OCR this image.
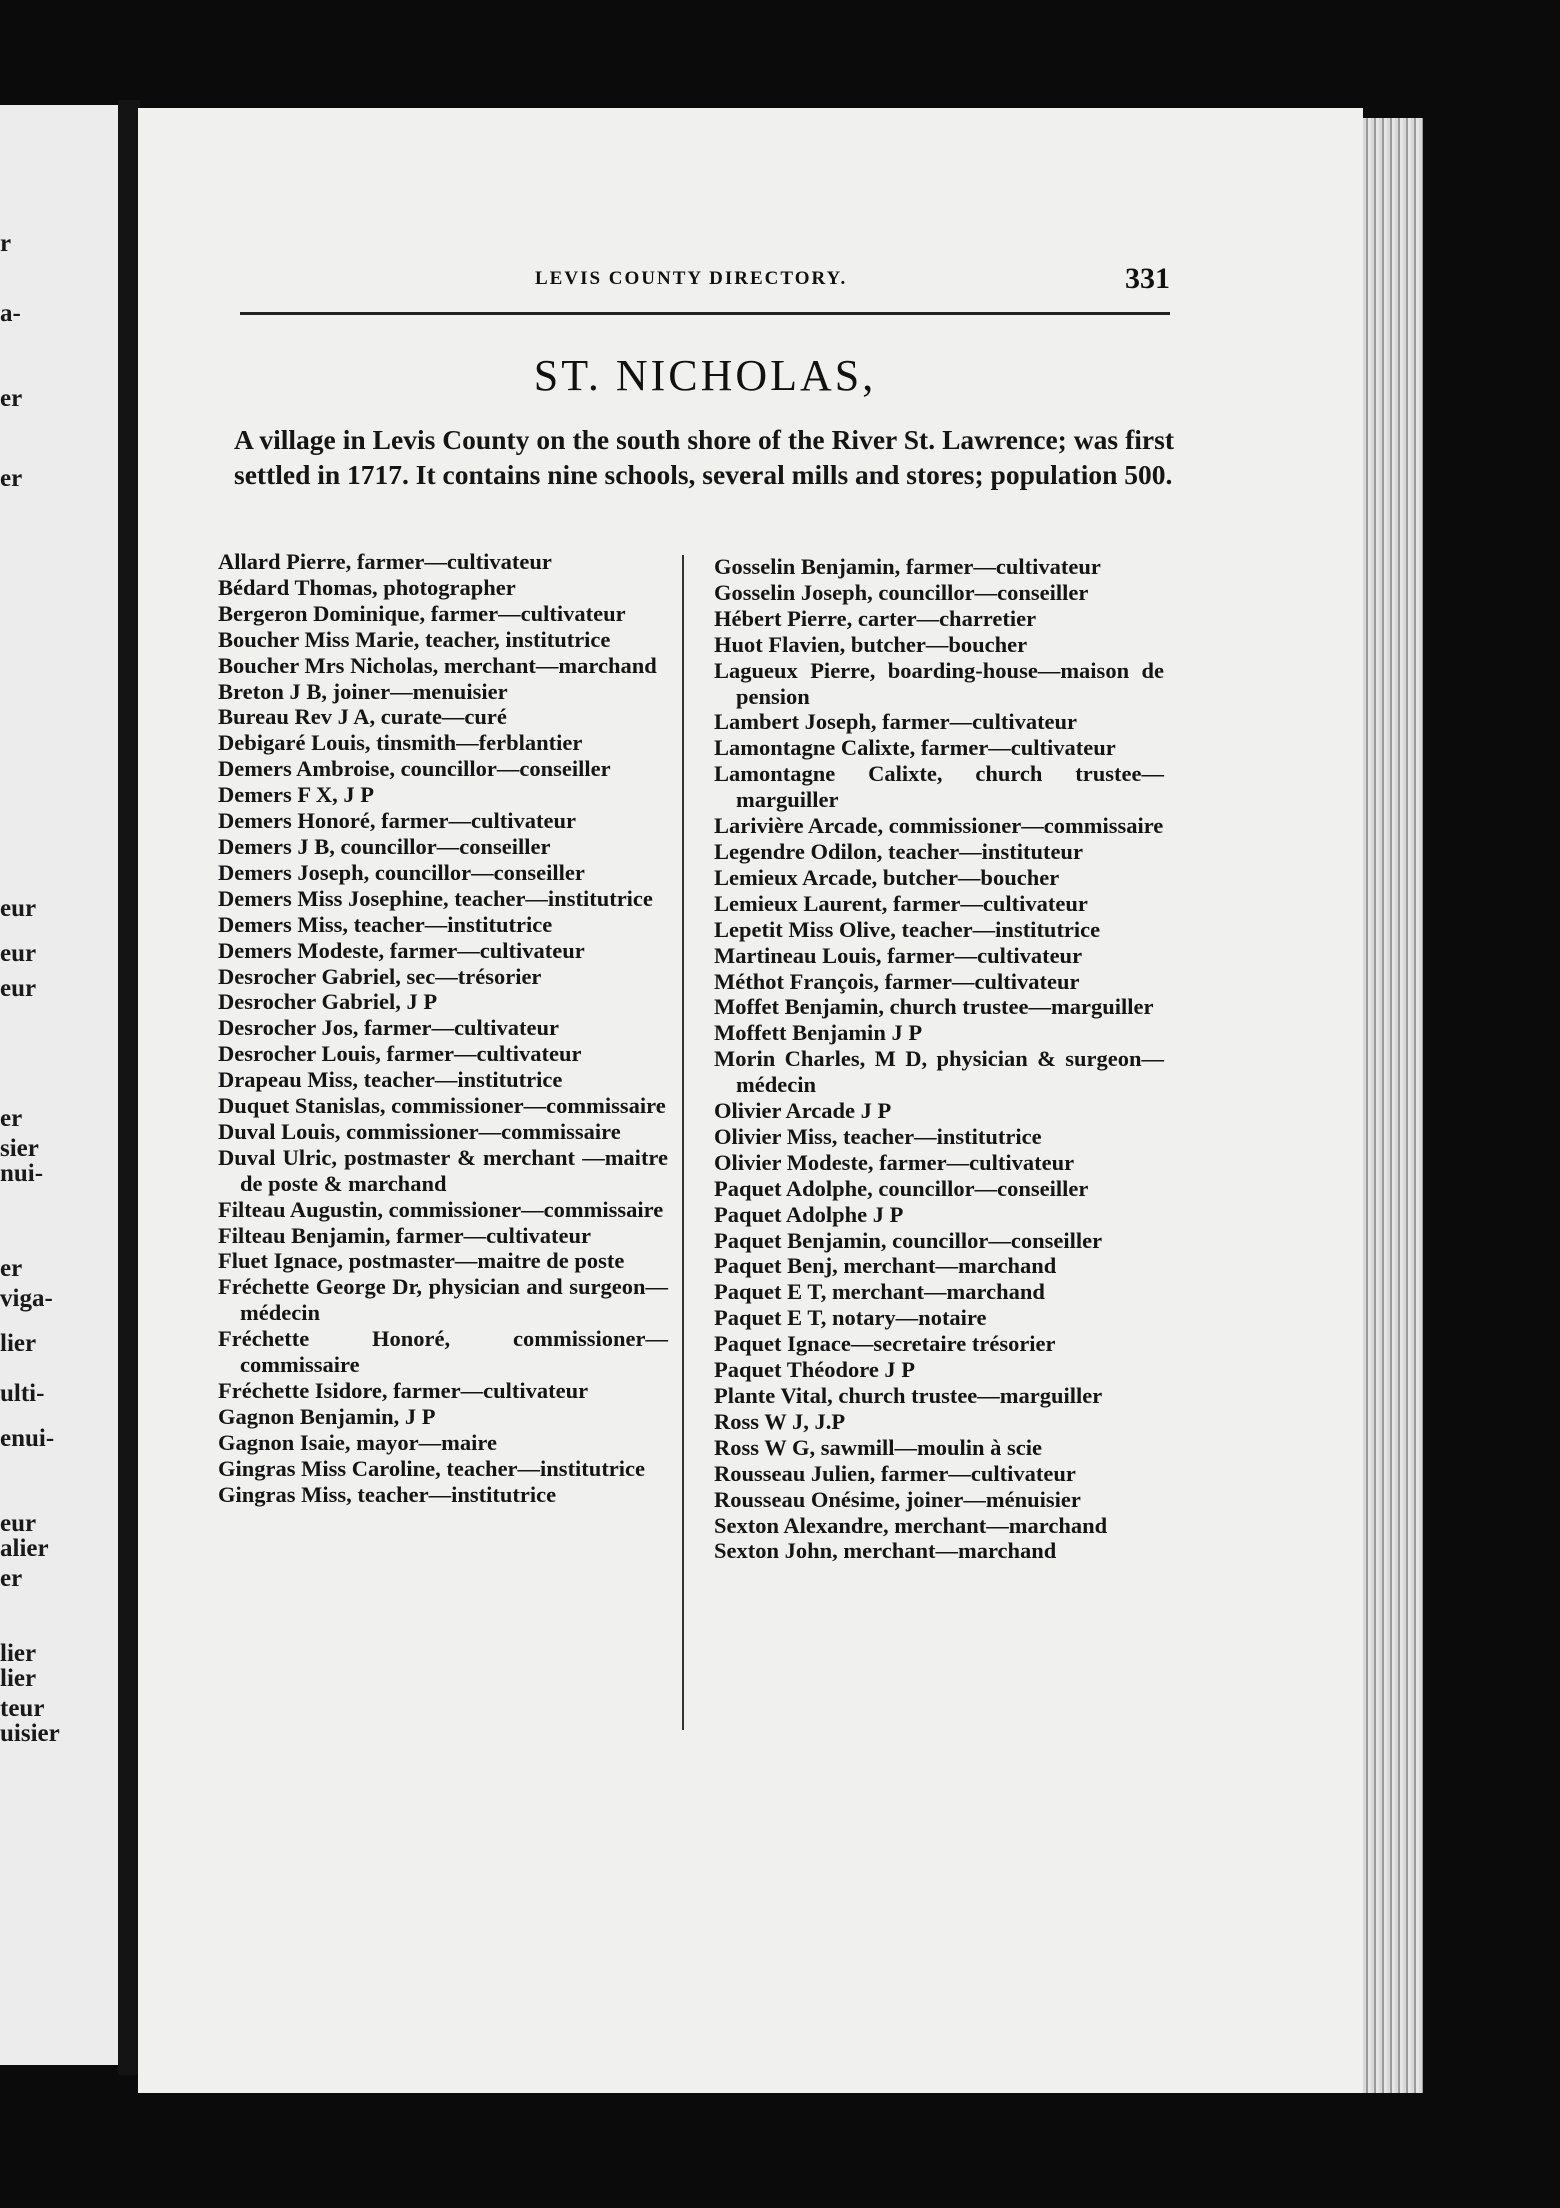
r
a-
er
er
eur
eur
eur
er
sier
nui-
er
viga-
lier
ulti-
enui-
eur
alier
er
lier
lier
teur
uisier
LEVIS COUNTY DIRECTORY.	331
ST. NICHOLAS,
A village in Levis County on the south shore of the River St. Lawrence; was first settled in 1717. It contains nine schools, several mills and stores; population 500.

Allard Pierre, farmer—cultivateur

Bédard Thomas, photographer

Bergeron Dominique, farmer—cultivateur

Boucher Miss Marie, teacher, institutrice

Boucher Mrs Nicholas, merchant—marchand

Breton J B, joiner—menuisier

Bureau Rev J A, curate—curé

Debigaré Louis, tinsmith—ferblantier

Demers Ambroise, councillor—conseiller

Demers F X, J P

Demers Honoré, farmer—cultivateur

Demers J B, councillor—conseiller

Demers Joseph, councillor—conseiller

Demers Miss Josephine, teacher—institutrice

Demers Miss, teacher—institutrice

Demers Modeste, farmer—cultivateur

Desrocher Gabriel, sec—trésorier

Desrocher Gabriel, J P

Desrocher Jos, farmer—cultivateur

Desrocher Louis, farmer—cultivateur

Drapeau Miss, teacher—institutrice

Duquet Stanislas, commissioner—commissaire

Duval Louis, commissioner—commissaire

Duval Ulric, postmaster & merchant —maitre de poste & marchand

Filteau Augustin, commissioner—commissaire

Filteau Benjamin, farmer—cultivateur

Fluet Ignace, postmaster—maitre de poste

Fréchette George Dr, physician and surgeon—médecin

Fréchette Honoré, commissioner—commissaire

Fréchette Isidore, farmer—cultivateur

Gagnon Benjamin, J P

Gagnon Isaie, mayor—maire

Gingras Miss Caroline, teacher—institutrice

Gingras Miss, teacher—institutrice

Gosselin Benjamin, farmer—cultivateur

Gosselin Joseph, councillor—conseiller

Hébert Pierre, carter—charretier

Huot Flavien, butcher—boucher

Lagueux Pierre, boarding-house—maison de pension

Lambert Joseph, farmer—cultivateur

Lamontagne Calixte, farmer—cultivateur

Lamontagne Calixte, church trustee—marguiller

Larivière Arcade, commissioner—commissaire

Legendre Odilon, teacher—instituteur

Lemieux Arcade, butcher—boucher

Lemieux Laurent, farmer—cultivateur

Lepetit Miss Olive, teacher—institutrice

Martineau Louis, farmer—cultivateur

Méthot François, farmer—cultivateur

Moffet Benjamin, church trustee—marguiller

Moffett Benjamin J P

Morin Charles, M D, physician & surgeon—médecin

Olivier Arcade J P

Olivier Miss, teacher—institutrice

Olivier Modeste, farmer—cultivateur

Paquet Adolphe, councillor—conseiller

Paquet Adolphe J P

Paquet Benjamin, councillor—conseiller

Paquet Benj, merchant—marchand

Paquet E T, merchant—marchand

Paquet E T, notary—notaire

Paquet Ignace—secretaire trésorier

Paquet Théodore J P

Plante Vital, church trustee—marguiller

Ross W J, J.P

Ross W G, sawmill—moulin à scie

Rousseau Julien, farmer—cultivateur

Rousseau Onésime, joiner—ménuisier

Sexton Alexandre, merchant—marchand

Sexton John, merchant—marchand
